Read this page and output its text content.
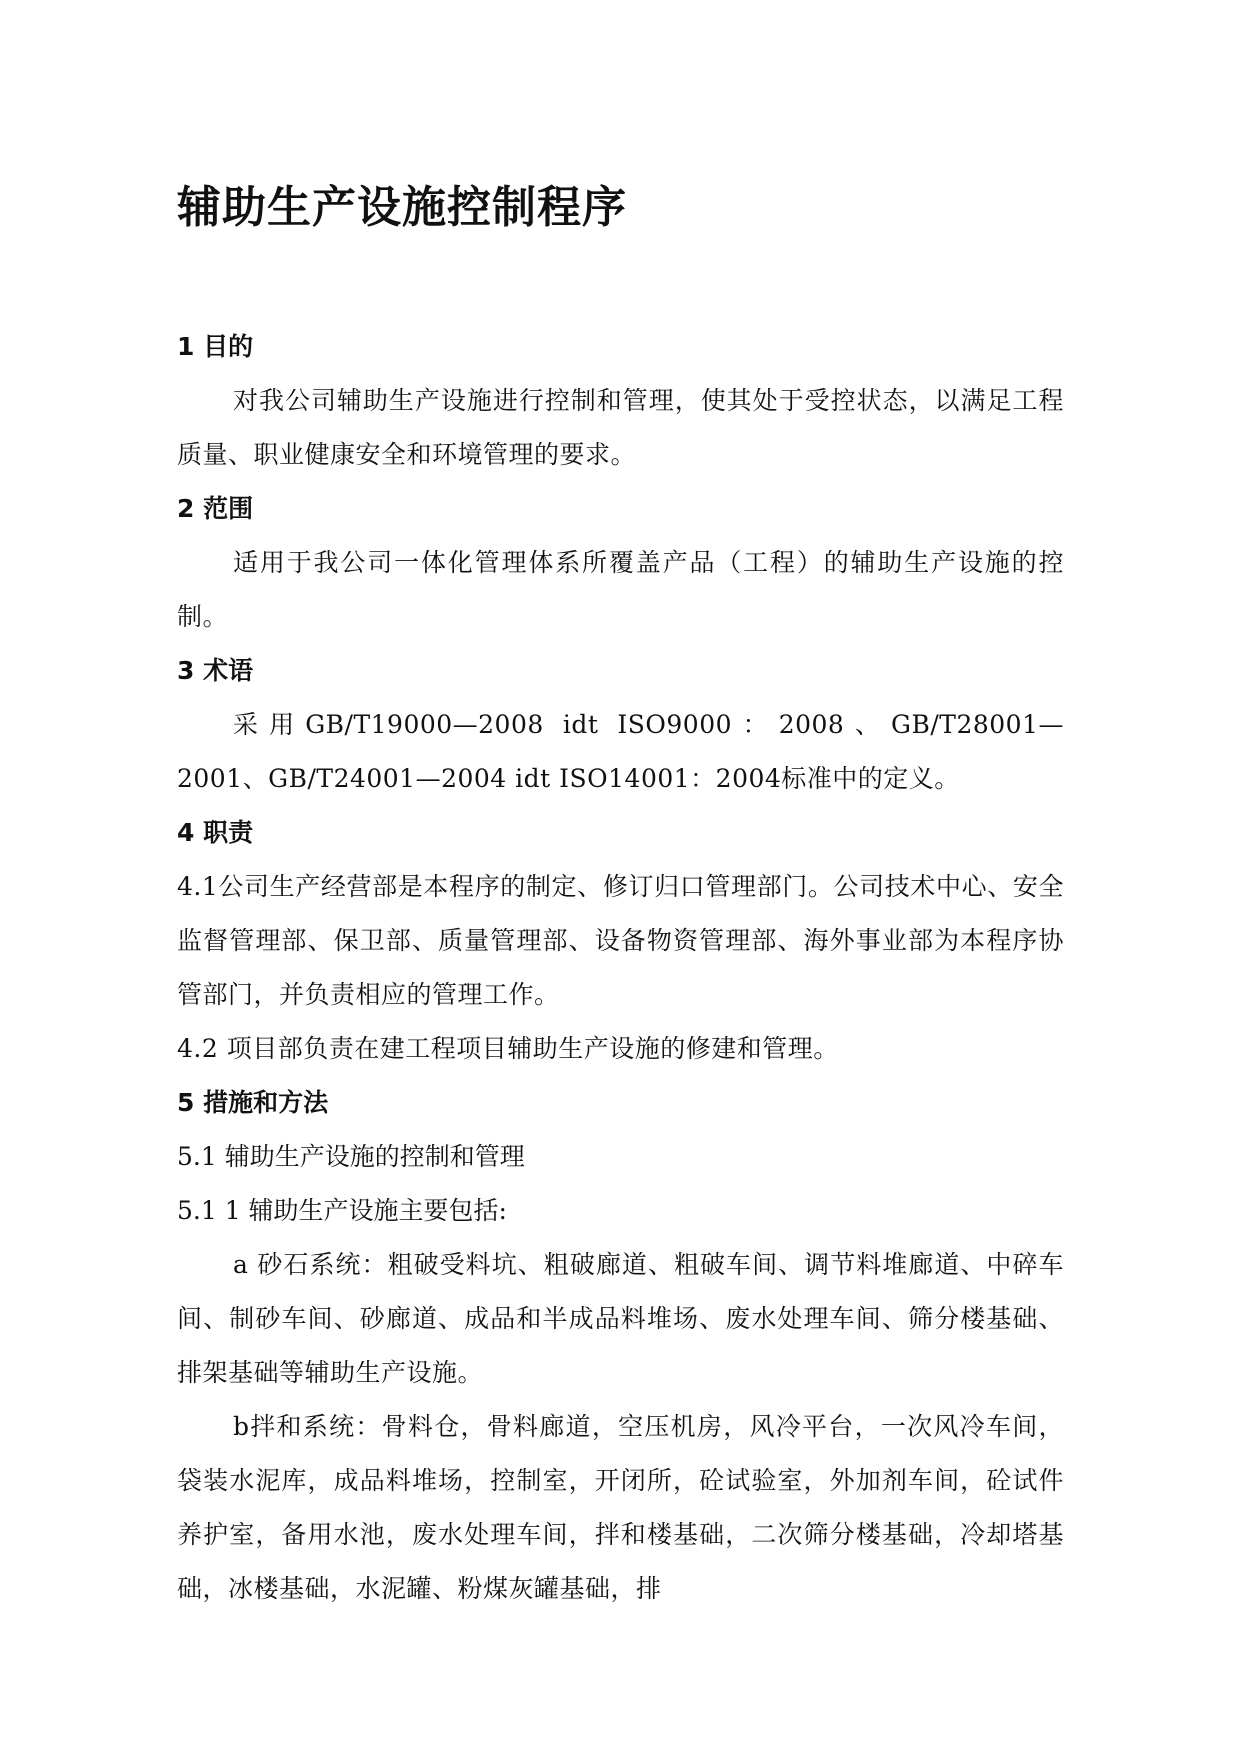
辅助生产设施控制程序
1 目的

对我公司辅助生产设施进行控制和管理，使其处于受控状态，以满足工程质量、职业健康安全和环境管理的要求。

2 范围

适用于我公司一体化管理体系所覆盖产品（工程）的辅助生产设施的控制。

3 术语

采用GB/T19000—2008 idt ISO9000：2008、GB/T28001—2001、GB/T24001—2004 idt ISO14001：2004标准中的定义。

4 职责

4.1公司生产经营部是本程序的制定、修订归口管理部门。公司技术中心、安全监督管理部、保卫部、质量管理部、设备物资管理部、海外事业部为本程序协管部门，并负责相应的管理工作。

4.2 项目部负责在建工程项目辅助生产设施的修建和管理。

5 措施和方法

5.1 辅助生产设施的控制和管理

5.1 1 辅助生产设施主要包括:

a 砂石系统：粗破受料坑、粗破廊道、粗破车间、调节料堆廊道、中碎车间、制砂车间、砂廊道、成品和半成品料堆场、废水处理车间、筛分楼基础、排架基础等辅助生产设施。

b拌和系统：骨料仓，骨料廊道，空压机房，风冷平台，一次风冷车间，袋装水泥库，成品料堆场，控制室，开闭所，砼试验室，外加剂车间，砼试件养护室，备用水池，废水处理车间，拌和楼基础，二次筛分楼基础，冷却塔基础，冰楼基础，水泥罐、粉煤灰罐基础，排
